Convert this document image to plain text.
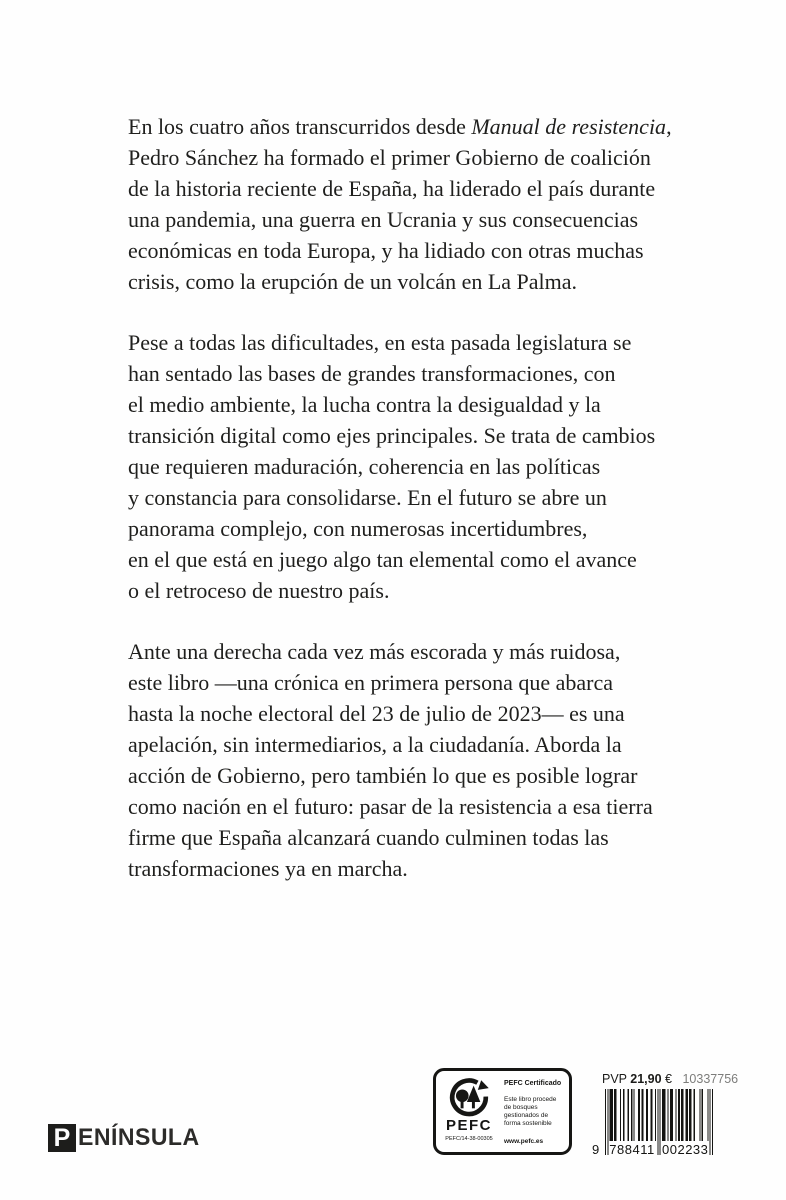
En los cuatro años transcurridos desde Manual de resistencia,
Pedro Sánchez ha formado el primer Gobierno de coalición
de la historia reciente de España, ha liderado el país durante
una pandemia, una guerra en Ucrania y sus consecuencias
económicas en toda Europa, y ha lidiado con otras muchas
crisis, como la erupción de un volcán en La Palma.

Pese a todas las dificultades, en esta pasada legislatura se
han sentado las bases de grandes transformaciones, con
el medio ambiente, la lucha contra la desigualdad y la
transición digital como ejes principales. Se trata de cambios
que requieren maduración, coherencia en las políticas
y constancia para consolidarse. En el futuro se abre un
panorama complejo, con numerosas incertidumbres,
en el que está en juego algo tan elemental como el avance
o el retroceso de nuestro país.

Ante una derecha cada vez más escorada y más ruidosa,
este libro —una crónica en primera persona que abarca
hasta la noche electoral del 23 de julio de 2023— es una
apelación, sin intermediarios, a la ciudadanía. Aborda la
acción de Gobierno, pero también lo que es posible lograr
como nación en el futuro: pasar de la resistencia a esa tierra
firme que España alcanzará cuando culminen todas las
transformaciones ya en marcha.

PEFC
PEFC/14-38-00305
PEFC Certificado
Este libro procede de bosques gestionados de forma sostenible
www.pefc.es
PVP 21,90 € 10337756
9 788411 002233
P ENÍNSULA
